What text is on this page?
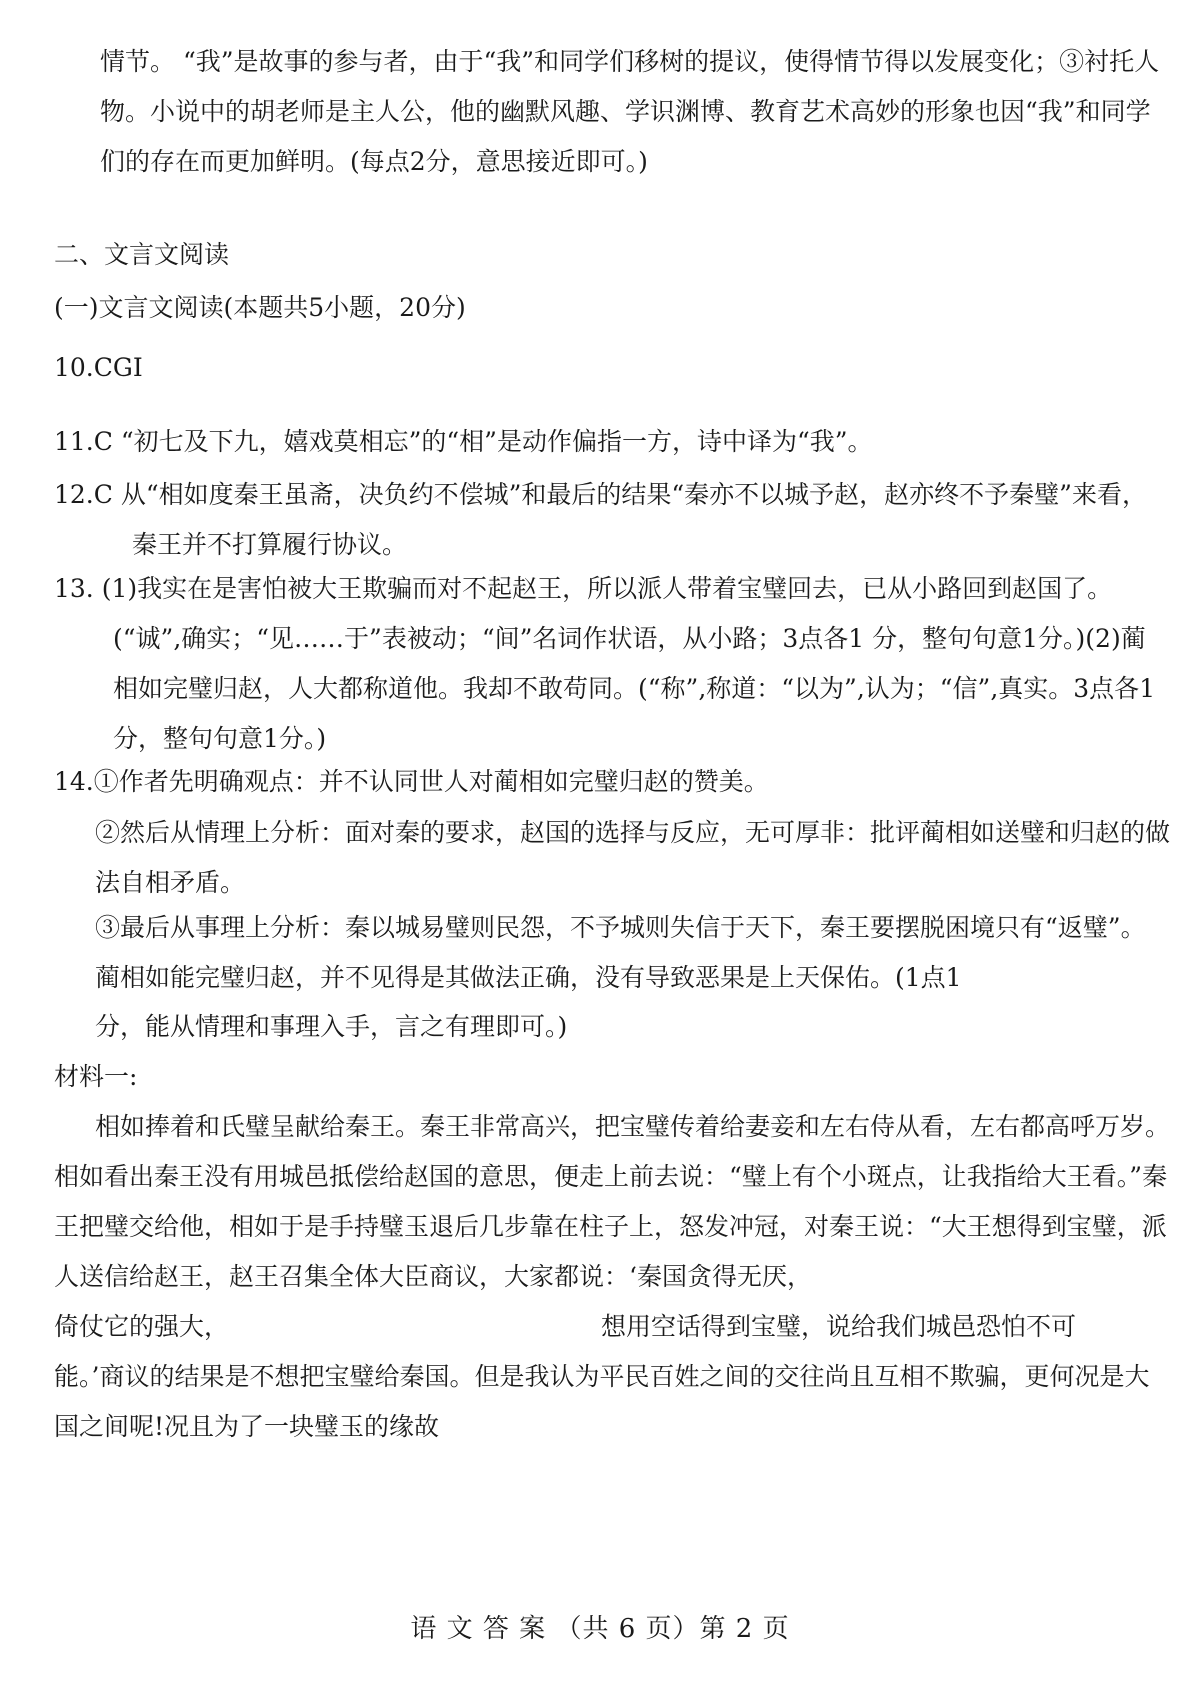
情节。 “我”是故事的参与者，由于“我”和同学们移树的提议，使得情节得以发展变化；③衬托人物。小说中的胡老师是主人公，他的幽默风趣、学识渊博、教育艺术高妙的形象也因“我”和同学们的存在而更加鲜明。(每点2分，意思接近即可。)

二、文言文阅读

(一)文言文阅读(本题共5小题，20分)

10.CGI

11.C “初七及下九，嬉戏莫相忘”的“相”是动作偏指一方，诗中译为“我”。

12.C 从“相如度秦王虽斋，决负约不偿城”和最后的结果“秦亦不以城予赵，赵亦终不予秦璧”来看，秦王并不打算履行协议。

13. (1)我实在是害怕被大王欺骗而对不起赵王，所以派人带着宝璧回去，已从小路回到赵国了。(“诚”,确实；“见……于”表被动；“间”名词作状语，从小路；3点各1 分，整句句意1分。)(2)蔺相如完璧归赵，人大都称道他。我却不敢苟同。(“称”,称道：“以为”,认为；“信”,真实。3点各1分，整句句意1分。)

14.①作者先明确观点：并不认同世人对蔺相如完璧归赵的赞美。

②然后从情理上分析：面对秦的要求，赵国的选择与反应，无可厚非：批评蔺相如送璧和归赵的做法自相矛盾。

③最后从事理上分析：秦以城易璧则民怨，不予城则失信于天下，秦王要摆脱困境只有“返璧”。蔺相如能完璧归赵，并不见得是其做法正确，没有导致恶果是上天保佑。(1点1

分，能从情理和事理入手，言之有理即可。)

材料一:

相如捧着和氏璧呈献给秦王。秦王非常高兴，把宝璧传着给妻妾和左右侍从看，左右都高呼万岁。相如看出秦王没有用城邑抵偿给赵国的意思，便走上前去说：“璧上有个小斑点，让我指给大王看。”秦王把璧交给他，相如于是手持璧玉退后几步靠在柱子上，怒发冲冠，对秦王说：“大王想得到宝璧，派人送信给赵王，赵王召集全体大臣商议，大家都说：‘秦国贪得无厌，

倚仗它的强大，	想用空话得到宝璧，说给我们城邑恐怕不可

能。’商议的结果是不想把宝璧给秦国。但是我认为平民百姓之间的交往尚且互相不欺骗，更何况是大国之间呢!况且为了一块璧玉的缘故

语 文 答 案 （共 6 页）第 2 页
